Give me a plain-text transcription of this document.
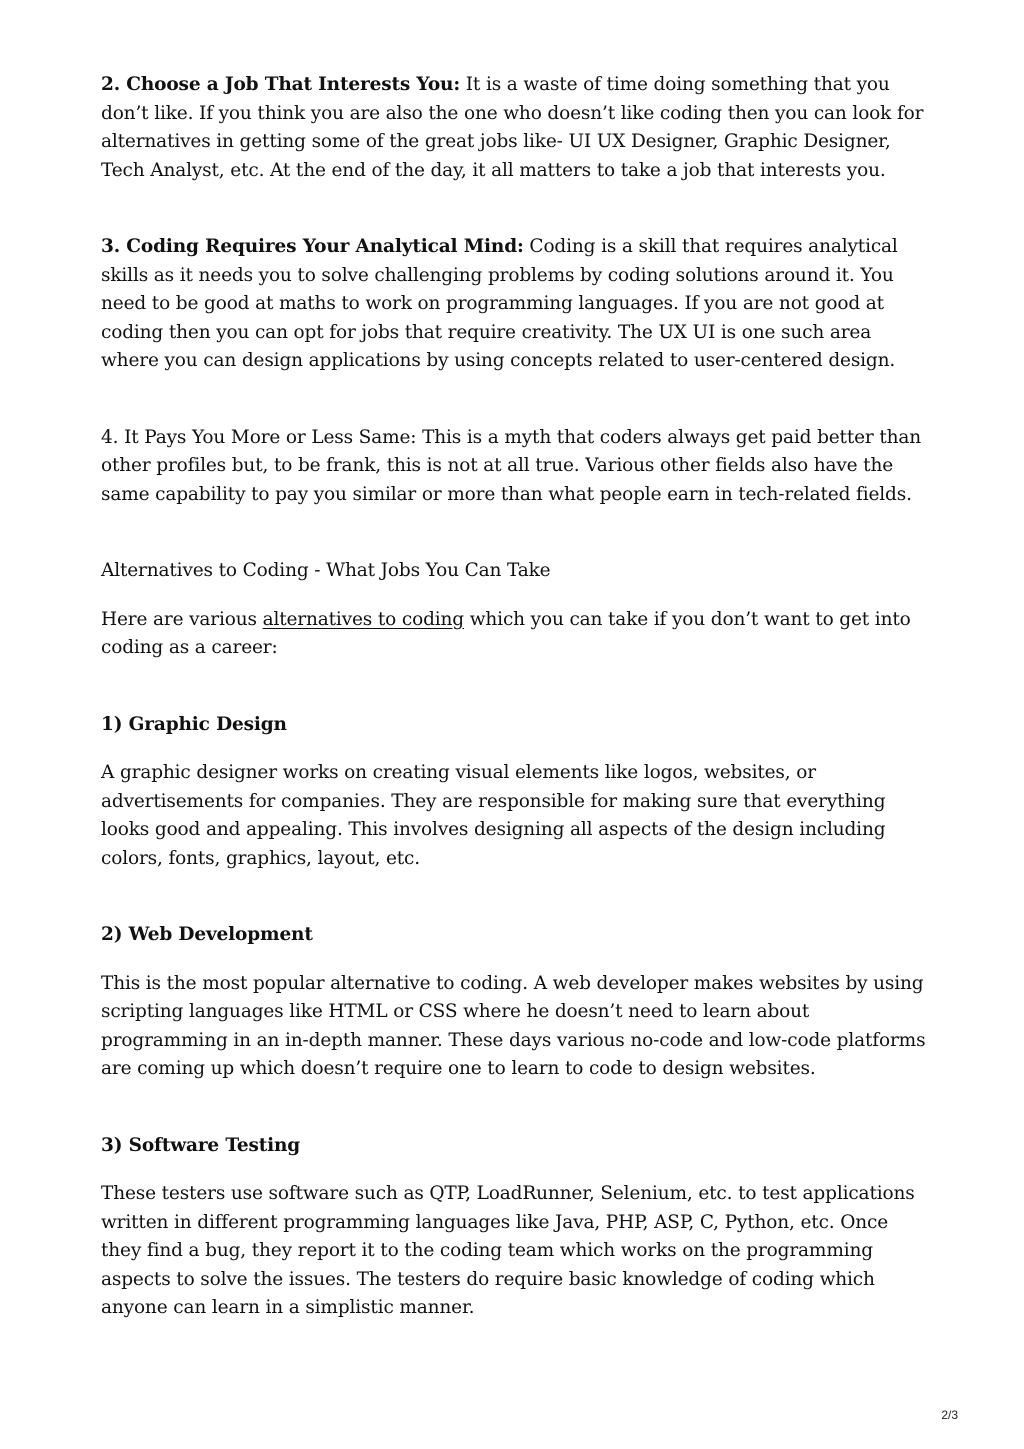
2. Choose a Job That Interests You: It is a waste of time doing something that you don’t like. If you think you are also the one who doesn’t like coding then you can look for alternatives in getting some of the great jobs like- UI UX Designer, Graphic Designer, Tech Analyst, etc. At the end of the day, it all matters to take a job that interests you.

3. Coding Requires Your Analytical Mind: Coding is a skill that requires analytical skills as it needs you to solve challenging problems by coding solutions around it. You need to be good at maths to work on programming languages. If you are not good at coding then you can opt for jobs that require creativity. The UX UI is one such area where you can design applications by using concepts related to user-centered design.

4. It Pays You More or Less Same: This is a myth that coders always get paid better than other profiles but, to be frank, this is not at all true. Various other fields also have the same capability to pay you similar or more than what people earn in tech-related fields.

Alternatives to Coding - What Jobs You Can Take

Here are various alternatives to coding which you can take if you don’t want to get into coding as a career:

1) Graphic Design

A graphic designer works on creating visual elements like logos, websites, or advertisements for companies. They are responsible for making sure that everything looks good and appealing. This involves designing all aspects of the design including colors, fonts, graphics, layout, etc.

2) Web Development

This is the most popular alternative to coding. A web developer makes websites by using scripting languages like HTML or CSS where he doesn’t need to learn about programming in an in-depth manner. These days various no-code and low-code platforms are coming up which doesn’t require one to learn to code to design websites.

3) Software Testing

These testers use software such as QTP, LoadRunner, Selenium, etc. to test applications written in different programming languages like Java, PHP, ASP, C, Python, etc. Once they find a bug, they report it to the coding team which works on the programming aspects to solve the issues. The testers do require basic knowledge of coding which anyone can learn in a simplistic manner.

2/3
